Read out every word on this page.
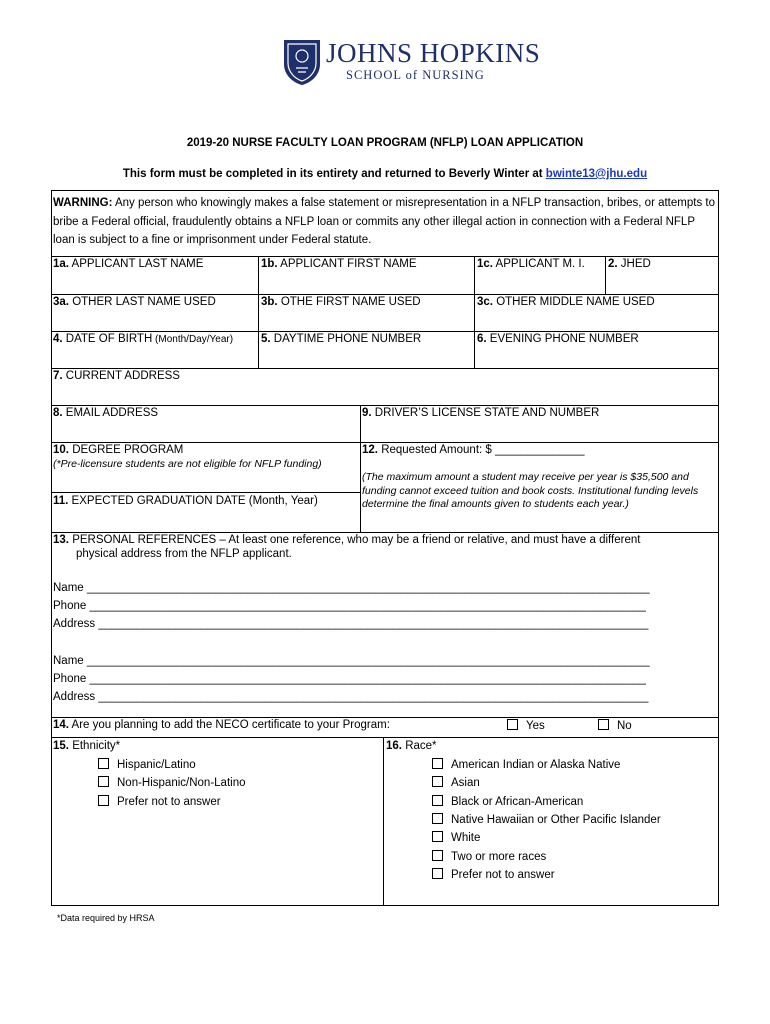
JOHNS HOPKINS
SCHOOL of NURSING
2019-20 NURSE FACULTY LOAN PROGRAM (NFLP) LOAN APPLICATION
This form must be completed in its entirety and returned to Beverly Winter at bwinte13@jhu.edu
WARNING: Any person who knowingly makes a false statement or misrepresentation in a NFLP transaction, bribes, or attempts to bribe a Federal official, fraudulently obtains a NFLP loan or commits any other illegal action in connection with a Federal NFLP loan is subject to a fine or imprisonment under Federal statute.
1a. APPLICANT LAST NAME	1b. APPLICANT FIRST NAME	1c. APPLICANT M. I. 2. JHED
3a. OTHER LAST NAME USED	3b. OTHE FIRST NAME USED	3c. OTHER MIDDLE NAME USED
4. DATE OF BIRTH (Month/Day/Year) 5. DAYTIME PHONE NUMBER	6. EVENING PHONE NUMBER
7. CURRENT ADDRESS
8. EMAIL ADDRESS	9. DRIVER’S LICENSE STATE AND NUMBER
10. DEGREE PROGRAM
(*Pre-licensure students are not eligible for NFLP funding)
11. EXPECTED GRADUATION DATE (Month, Year)
12. Requested Amount: $ ______________
(The maximum amount a student may receive per year is $35,500 and funding cannot exceed tuition and book costs. Institutional funding levels determine the final amounts given to students each year.)
13. PERSONAL REFERENCES – At least one reference, who may be a friend or relative, and must have a different
physical address from the NFLP applicant.
Name ________________________________________________________________________________________
Phone _______________________________________________________________________________________
Address ______________________________________________________________________________________
Name ________________________________________________________________________________________
Phone _______________________________________________________________________________________
Address ______________________________________________________________________________________
14. Are you planning to add the NECO certificate to your Program:	Yes	No
15. Ethnicity*
Hispanic/Latino
Non-Hispanic/Non-Latino
Prefer not to answer
16. Race*
American Indian or Alaska Native
Asian
Black or African-American
Native Hawaiian or Other Pacific Islander
White
Two or more races
Prefer not to answer
*Data required by HRSA
